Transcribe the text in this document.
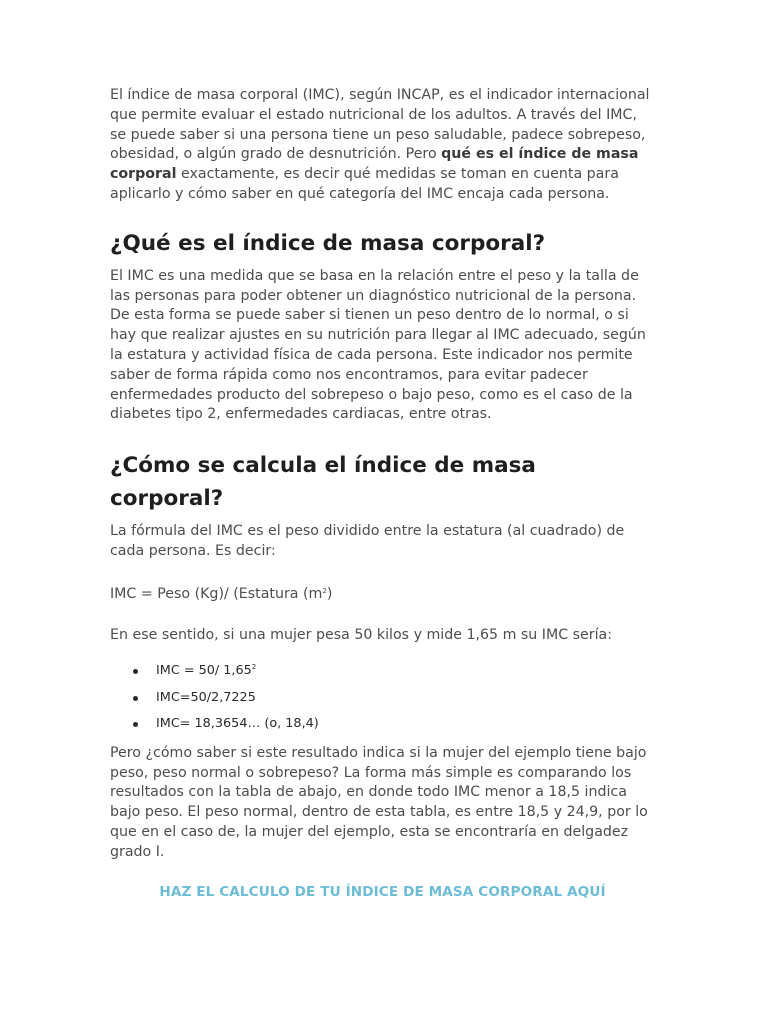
El índice de masa corporal (IMC), según INCAP, es el indicador internacional que permite evaluar el estado nutricional de los adultos. A través del IMC, se puede saber si una persona tiene un peso saludable, padece sobrepeso, obesidad, o algún grado de desnutrición. Pero qué es el índice de masa corporal exactamente, es decir qué medidas se toman en cuenta para aplicarlo y cómo saber en qué categoría del IMC encaja cada persona.

¿Qué es el índice de masa corporal?

El IMC es una medida que se basa en la relación entre el peso y la talla de las personas para poder obtener un diagnóstico nutricional de la persona. De esta forma se puede saber si tienen un peso dentro de lo normal, o si hay que realizar ajustes en su nutrición para llegar al IMC adecuado, según la estatura y actividad física de cada persona. Este indicador nos permite saber de forma rápida como nos encontramos, para evitar padecer enfermedades producto del sobrepeso o bajo peso, como es el caso de la diabetes tipo 2, enfermedades cardiacas, entre otras.

¿Cómo se calcula el índice de masa corporal?

La fórmula del IMC es el peso dividido entre la estatura (al cuadrado) de cada persona. Es decir:

IMC = Peso (Kg)/ (Estatura $(m^2)$

En ese sentido, si una mujer pesa 50 kilos y mide 1,65 m su IMC sería:

IMC = 50/ 1,65$^2$
IMC=50/2,7225
IMC= 18,3654… (o, 18,4)

Pero ¿cómo saber si este resultado indica si la mujer del ejemplo tiene bajo peso, peso normal o sobrepeso? La forma más simple es comparando los resultados con la tabla de abajo, en donde todo IMC menor a 18,5 indica bajo peso. El peso normal, dentro de esta tabla, es entre 18,5 y 24,9, por lo que en el caso de, la mujer del ejemplo, esta se encontraría en delgadez grado I.

HAZ EL CALCULO DE TU ÍNDICE DE MASA CORPORAL AQUÍ
